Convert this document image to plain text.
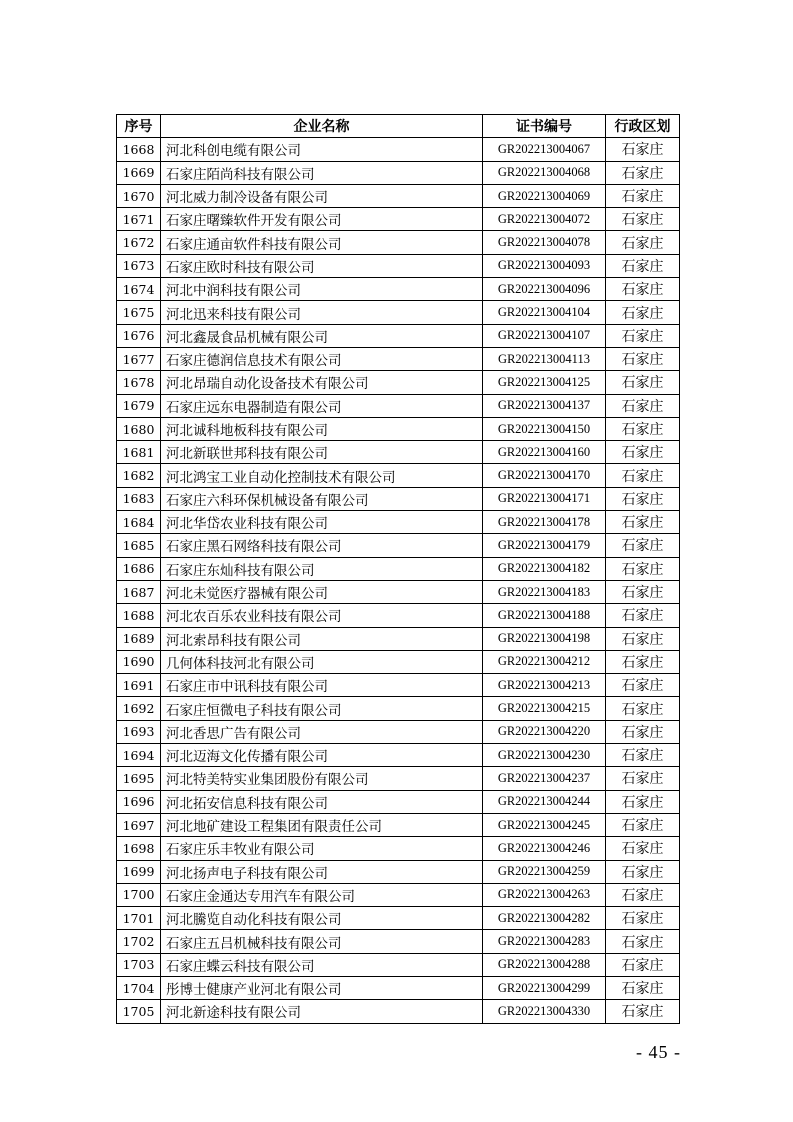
序号	企业名称	证书编号	行政区划
1668	河北科创电缆有限公司	GR202213004067	石家庄
1669	石家庄陌尚科技有限公司	GR202213004068	石家庄
1670	河北威力制冷设备有限公司	GR202213004069	石家庄
1671	石家庄曙臻软件开发有限公司	GR202213004072	石家庄
1672	石家庄通亩软件科技有限公司	GR202213004078	石家庄
1673	石家庄欧时科技有限公司	GR202213004093	石家庄
1674	河北中润科技有限公司	GR202213004096	石家庄
1675	河北迅来科技有限公司	GR202213004104	石家庄
1676	河北鑫晟食品机械有限公司	GR202213004107	石家庄
1677	石家庄德润信息技术有限公司	GR202213004113	石家庄
1678	河北昂瑞自动化设备技术有限公司	GR202213004125	石家庄
1679	石家庄远东电器制造有限公司	GR202213004137	石家庄
1680	河北诚科地板科技有限公司	GR202213004150	石家庄
1681	河北新联世邦科技有限公司	GR202213004160	石家庄
1682	河北鸿宝工业自动化控制技术有限公司	GR202213004170	石家庄
1683	石家庄六科环保机械设备有限公司	GR202213004171	石家庄
1684	河北华岱农业科技有限公司	GR202213004178	石家庄
1685	石家庄黑石网络科技有限公司	GR202213004179	石家庄
1686	石家庄东灿科技有限公司	GR202213004182	石家庄
1687	河北未觉医疗器械有限公司	GR202213004183	石家庄
1688	河北农百乐农业科技有限公司	GR202213004188	石家庄
1689	河北索昂科技有限公司	GR202213004198	石家庄
1690	几何体科技河北有限公司	GR202213004212	石家庄
1691	石家庄市中讯科技有限公司	GR202213004213	石家庄
1692	石家庄恒微电子科技有限公司	GR202213004215	石家庄
1693	河北香思广告有限公司	GR202213004220	石家庄
1694	河北迈海文化传播有限公司	GR202213004230	石家庄
1695	河北特美特实业集团股份有限公司	GR202213004237	石家庄
1696	河北拓安信息科技有限公司	GR202213004244	石家庄
1697	河北地矿建设工程集团有限责任公司	GR202213004245	石家庄
1698	石家庄乐丰牧业有限公司	GR202213004246	石家庄
1699	河北扬声电子科技有限公司	GR202213004259	石家庄
1700	石家庄金通达专用汽车有限公司	GR202213004263	石家庄
1701	河北騰览自动化科技有限公司	GR202213004282	石家庄
1702	石家庄五吕机械科技有限公司	GR202213004283	石家庄
1703	石家庄蝶云科技有限公司	GR202213004288	石家庄
1704	彤博士健康产业河北有限公司	GR202213004299	石家庄
1705	河北新途科技有限公司	GR202213004330	石家庄
- 45 -
